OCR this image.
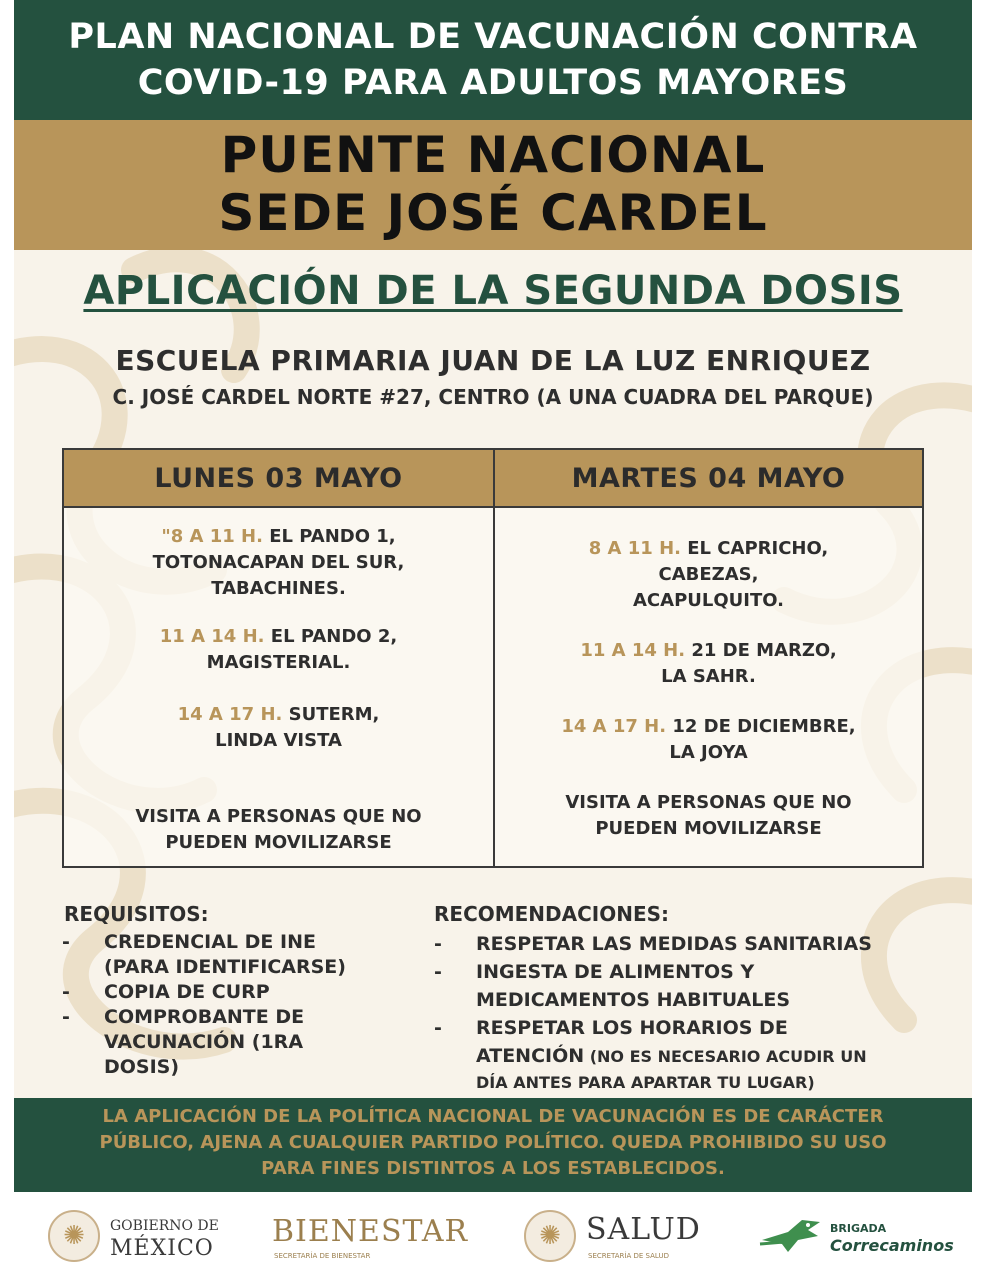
PLAN NACIONAL DE VACUNACIÓN CONTRA
COVID-19 PARA ADULTOS MAYORES
PUENTE NACIONAL
SEDE JOSÉ CARDEL
APLICACIÓN DE LA SEGUNDA DOSIS
ESCUELA PRIMARIA JUAN DE LA LUZ ENRIQUEZ
C. JOSÉ CARDEL NORTE #27, CENTRO (A UNA CUADRA DEL PARQUE)
LUNES 03 MAYO
"8 A 11 H. EL PANDO 1,
TOTONACAPAN DEL SUR,
TABACHINES.
11 A 14 H. EL PANDO 2,
MAGISTERIAL.
14 A 17 H. SUTERM,
LINDA VISTA
VISITA A PERSONAS QUE NO
PUEDEN MOVILIZARSE
MARTES 04 MAYO
8 A 11 H. EL CAPRICHO,
CABEZAS,
ACAPULQUITO.
11 A 14 H. 21 DE MARZO,
LA SAHR.
14 A 17 H. 12 DE DICIEMBRE,
LA JOYA
VISITA A PERSONAS QUE NO
PUEDEN MOVILIZARSE
REQUISITOS:
- CREDENCIAL DE INE
(PARA IDENTIFICARSE)
- COPIA DE CURP
- COMPROBANTE DE
VACUNACIÓN (1RA
DOSIS)
RECOMENDACIONES:
- RESPETAR LAS MEDIDAS SANITARIAS
- INGESTA DE ALIMENTOS Y
MEDICAMENTOS HABITUALES
- RESPETAR LOS HORARIOS DE
ATENCIÓN (NO ES NECESARIO ACUDIR UN
DÍA ANTES PARA APARTAR TU LUGAR)
LA APLICACIÓN DE LA POLÍTICA NACIONAL DE VACUNACIÓN ES DE CARÁCTER
PÚBLICO, AJENA A CUALQUIER PARTIDO POLÍTICO. QUEDA PROHIBIDO SU USO
PARA FINES DISTINTOS A LOS ESTABLECIDOS.
✺	GOBIERNO DE
MÉXICO BIENESTAR
SECRETARÍA DE BIENESTAR
✺ SALUD
SECRETARÍA DE SALUD
BRIGADA
Correcaminos
